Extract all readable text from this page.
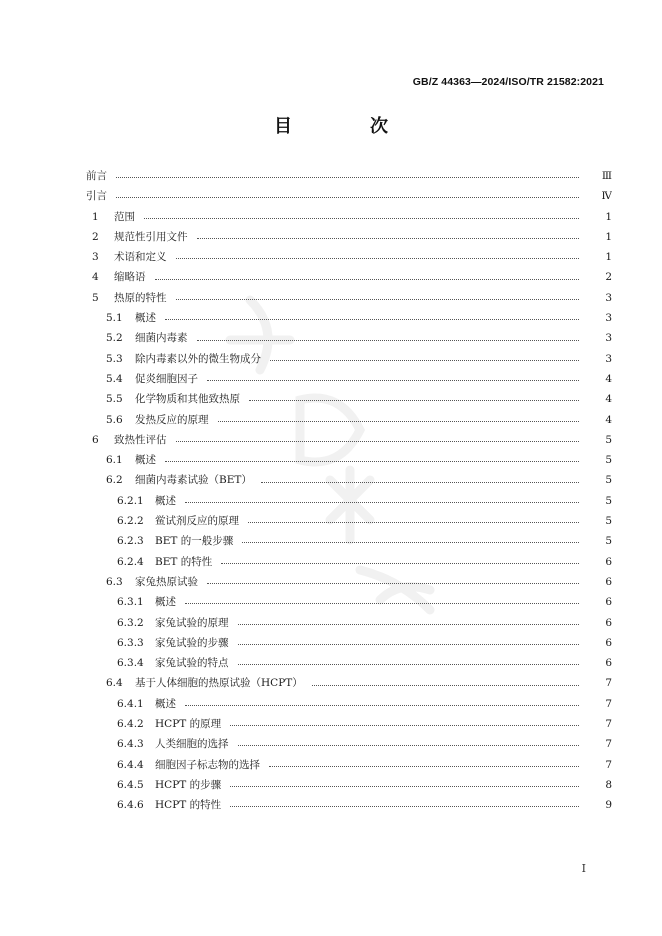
GB/Z 44363—2024/ISO/TR 21582:2021
目　次
前言	Ⅲ
引言	Ⅳ
1	范围	1
2	规范性引用文件	1
3	术语和定义	1
4	缩略语	2
5	热原的特性	3
5.1	概述	3
5.2	细菌内毒素	3
5.3	除内毒素以外的微生物成分	3
5.4	促炎细胞因子	4
5.5	化学物质和其他致热原	4
5.6	发热反应的原理	4
6	致热性评估	5
6.1	概述	5
6.2	细菌内毒素试验（BET）	5
6.2.1	概述	5
6.2.2	鲎试剂反应的原理	5
6.2.3	BET 的一般步骤	5
6.2.4	BET 的特性	6
6.3	家兔热原试验	6
6.3.1	概述	6
6.3.2	家兔试验的原理	6
6.3.3	家兔试验的步骤	6
6.3.4	家兔试验的特点	6
6.4	基于人体细胞的热原试验（HCPT）	7
6.4.1	概述	7
6.4.2	HCPT 的原理	7
6.4.3	人类细胞的选择	7
6.4.4	细胞因子标志物的选择	7
6.4.5	HCPT 的步骤	8
6.4.6	HCPT 的特性	9
Ⅰ
